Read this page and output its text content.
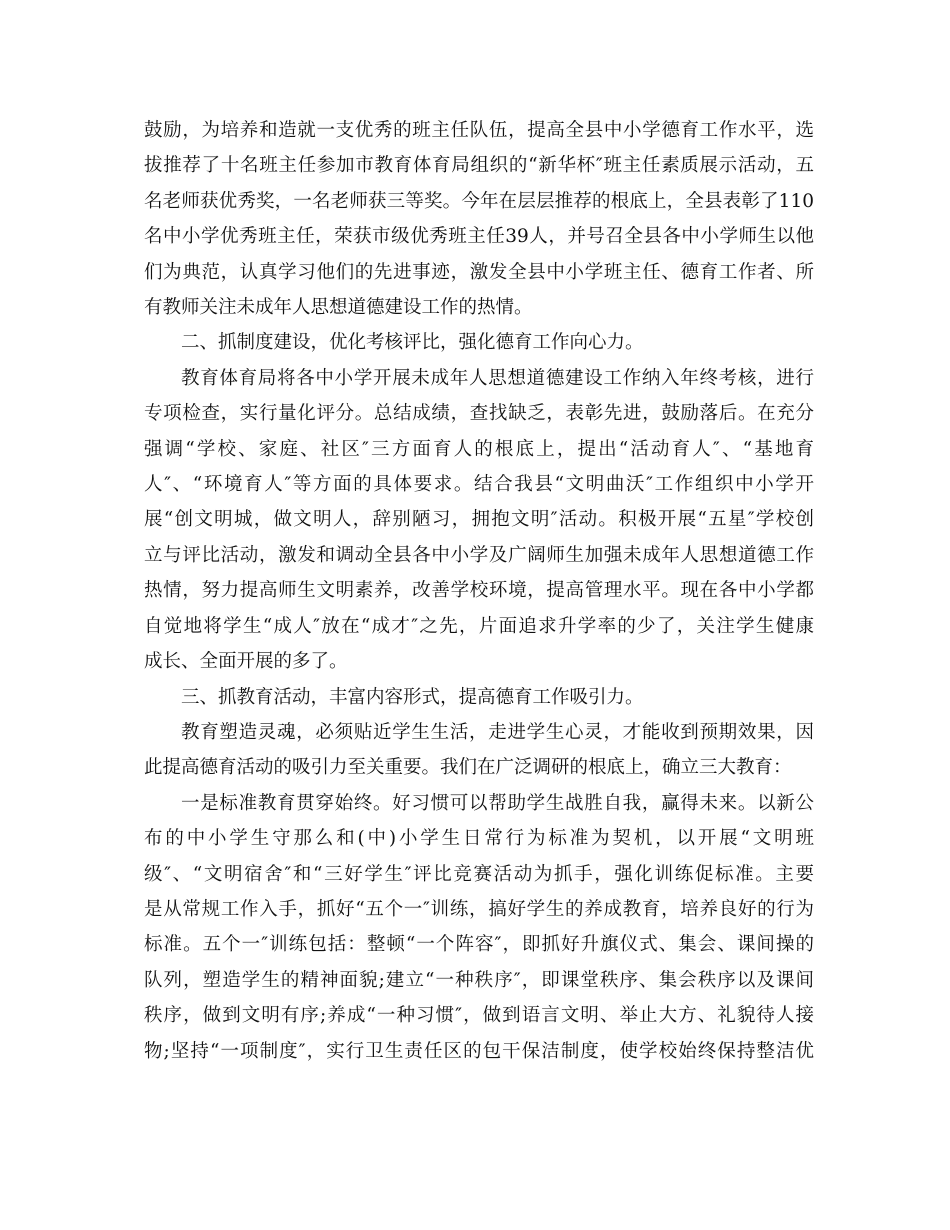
鼓励，为培养和造就一支优秀的班主任队伍，提高全县中小学德育工作水平，选
拔推荐了十名班主任参加市教育体育局组织的“新华杯″班主任素质展示活动，五
名老师获优秀奖，一名老师获三等奖。今年在层层推荐的根底上，全县表彰了110
名中小学优秀班主任，荣获市级优秀班主任39人，并号召全县各中小学师生以他
们为典范，认真学习他们的先进事迹，激发全县中小学班主任、德育工作者、所
有教师关注未成年人思想道德建设工作的热情。
二、抓制度建设，优化考核评比，强化德育工作向心力。
教育体育局将各中小学开展未成年人思想道德建设工作纳入年终考核，进行
专项检查，实行量化评分。总结成绩，查找缺乏，表彰先进，鼓励落后。在充分
强调“学校、家庭、社区″三方面育人的根底上，提出“活动育人″、“基地育
人″、“环境育人″等方面的具体要求。结合我县“文明曲沃″工作组织中小学开
展“创文明城，做文明人，辞别陋习，拥抱文明″活动。积极开展“五星″学校创
立与评比活动，激发和调动全县各中小学及广阔师生加强未成年人思想道德工作
热情，努力提高师生文明素养，改善学校环境，提高管理水平。现在各中小学都
自觉地将学生“成人″放在“成才″之先，片面追求升学率的少了，关注学生健康
成长、全面开展的多了。
三、抓教育活动，丰富内容形式，提高德育工作吸引力。
教育塑造灵魂，必须贴近学生生活，走进学生心灵，才能收到预期效果，因
此提高德育活动的吸引力至关重要。我们在广泛调研的根底上，确立三大教育：
一是标准教育贯穿始终。好习惯可以帮助学生战胜自我，赢得未来。以新公
布的中小学生守那么和(中)小学生日常行为标准为契机，以开展“文明班
级″、“文明宿舍″和“三好学生″评比竞赛活动为抓手，强化训练促标准。主要
是从常规工作入手，抓好“五个一″训练，搞好学生的养成教育，培养良好的行为
标准。五个一″训练包括：整顿“一个阵容″，即抓好升旗仪式、集会、课间操的
队列，塑造学生的精神面貌;建立“一种秩序″，即课堂秩序、集会秩序以及课间
秩序，做到文明有序;养成“一种习惯″，做到语言文明、举止大方、礼貌待人接
物;坚持“一项制度″，实行卫生责任区的包干保洁制度，使学校始终保持整洁优
